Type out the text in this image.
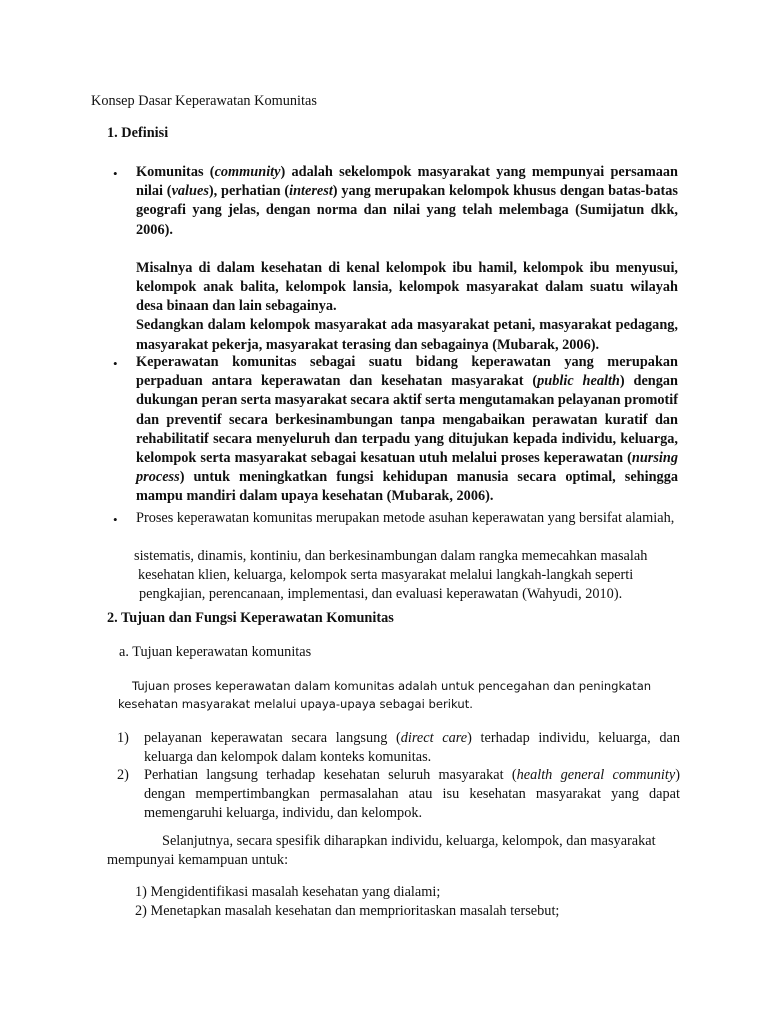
Konsep Dasar Keperawatan Komunitas
1. Definisi
• Komunitas (community) adalah sekelompok masyarakat yang mempunyai persamaan nilai (values), perhatian (interest) yang merupakan kelompok khusus dengan batas-batas geografi yang jelas, dengan norma dan nilai yang telah melembaga (Sumijatun dkk, 2006).

Misalnya di dalam kesehatan di kenal kelompok ibu hamil, kelompok ibu menyusui, kelompok anak balita, kelompok lansia, kelompok masyarakat dalam suatu wilayah desa binaan dan lain sebagainya.

Sedangkan dalam kelompok masyarakat ada masyarakat petani, masyarakat pedagang, masyarakat pekerja, masyarakat terasing dan sebagainya (Mubarak, 2006).

• Keperawatan komunitas sebagai suatu bidang keperawatan yang merupakan perpaduan antara keperawatan dan kesehatan masyarakat (public health) dengan dukungan peran serta masyarakat secara aktif serta mengutamakan pelayanan promotif dan preventif secara berkesinambungan tanpa mengabaikan perawatan kuratif dan rehabilitatif secara menyeluruh dan terpadu yang ditujukan kepada individu, keluarga, kelompok serta masyarakat sebagai kesatuan utuh melalui proses keperawatan (nursing process) untuk meningkatkan fungsi kehidupan manusia secara optimal, sehingga mampu mandiri dalam upaya kesehatan (Mubarak, 2006).

• Proses keperawatan komunitas merupakan metode asuhan keperawatan yang bersifat alamiah,

sistematis, dinamis, kontiniu, dan berkesinambungan dalam rangka memecahkan masalah
kesehatan klien, keluarga, kelompok serta masyarakat melalui langkah-langkah seperti
pengkajian, perencanaan, implementasi, dan evaluasi keperawatan (Wahyudi, 2010).
2. Tujuan dan Fungsi Keperawatan Komunitas
a. Tujuan keperawatan komunitas
Tujuan proses keperawatan dalam komunitas adalah untuk pencegahan dan peningkatan
kesehatan masyarakat melalui upaya-upaya sebagai berikut.
1) pelayanan keperawatan secara langsung (direct care) terhadap individu, keluarga, dan keluarga dan kelompok dalam konteks komunitas.
2) Perhatian langsung terhadap kesehatan seluruh masyarakat (health general community) dengan mempertimbangkan permasalahan atau isu kesehatan masyarakat yang dapat memengaruhi keluarga, individu, dan kelompok.
Selanjutnya, secara spesifik diharapkan individu, keluarga, kelompok, dan masyarakat
mempunyai kemampuan untuk:
1) Mengidentifikasi masalah kesehatan yang dialami;
2) Menetapkan masalah kesehatan dan memprioritaskan masalah tersebut;
